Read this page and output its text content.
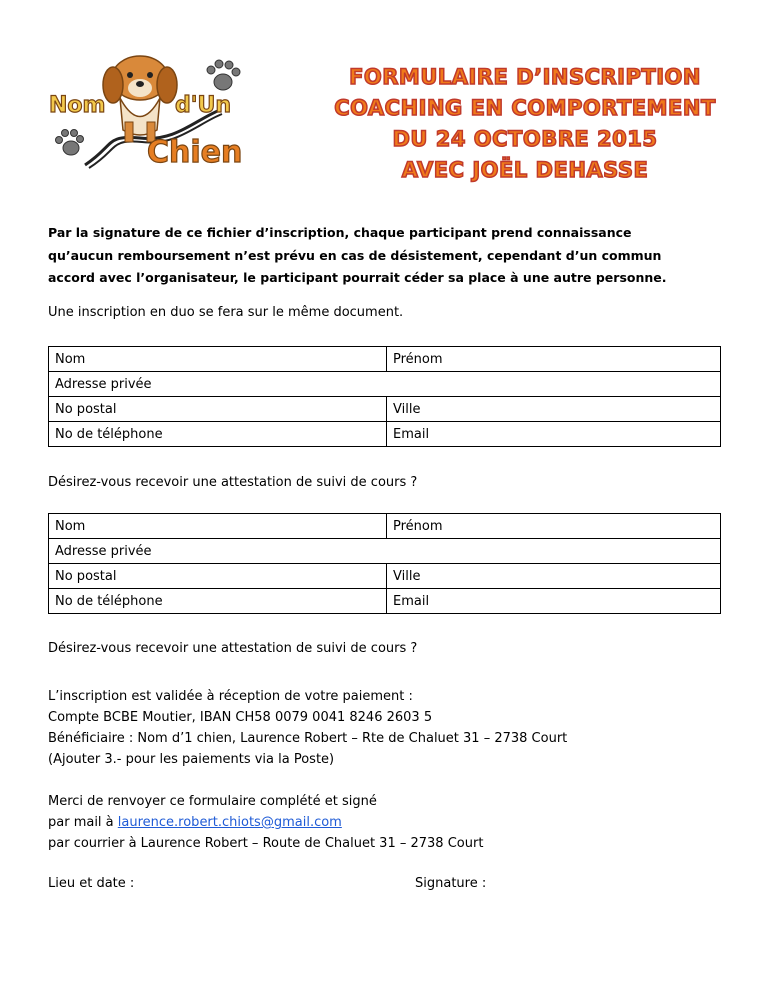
Nom	d'Un
Chien
FORMULAIRE D’INSCRIPTION
COACHING EN COMPORTEMENT
DU 24 OCTOBRE 2015
AVEC JOËL DEHASSE
Par la signature de ce fichier d’inscription, chaque participant prend connaissance
qu’aucun remboursement n’est prévu en cas de désistement, cependant d’un commun
accord avec l’organisateur, le participant pourrait céder sa place à une autre personne.
Une inscription en duo se fera sur le même document.
Nom	Prénom
Adresse privée	
No postal	Ville
No de téléphone	Email
Désirez-vous recevoir une attestation de suivi de cours ?
Nom	Prénom
Adresse privée	
No postal	Ville
No de téléphone	Email
Désirez-vous recevoir une attestation de suivi de cours ?
L’inscription est validée à réception de votre paiement :
Compte BCBE Moutier, IBAN CH58 0079 0041 8246 2603 5
Bénéficiaire : Nom d’1 chien, Laurence Robert – Rte de Chaluet 31 – 2738 Court
(Ajouter 3.- pour les paiements via la Poste)
Merci de renvoyer ce formulaire complété et signé
par mail à laurence.robert.chiots@gmail.com
par courrier à Laurence Robert – Route de Chaluet 31 – 2738 Court
Lieu et date :	Signature :
